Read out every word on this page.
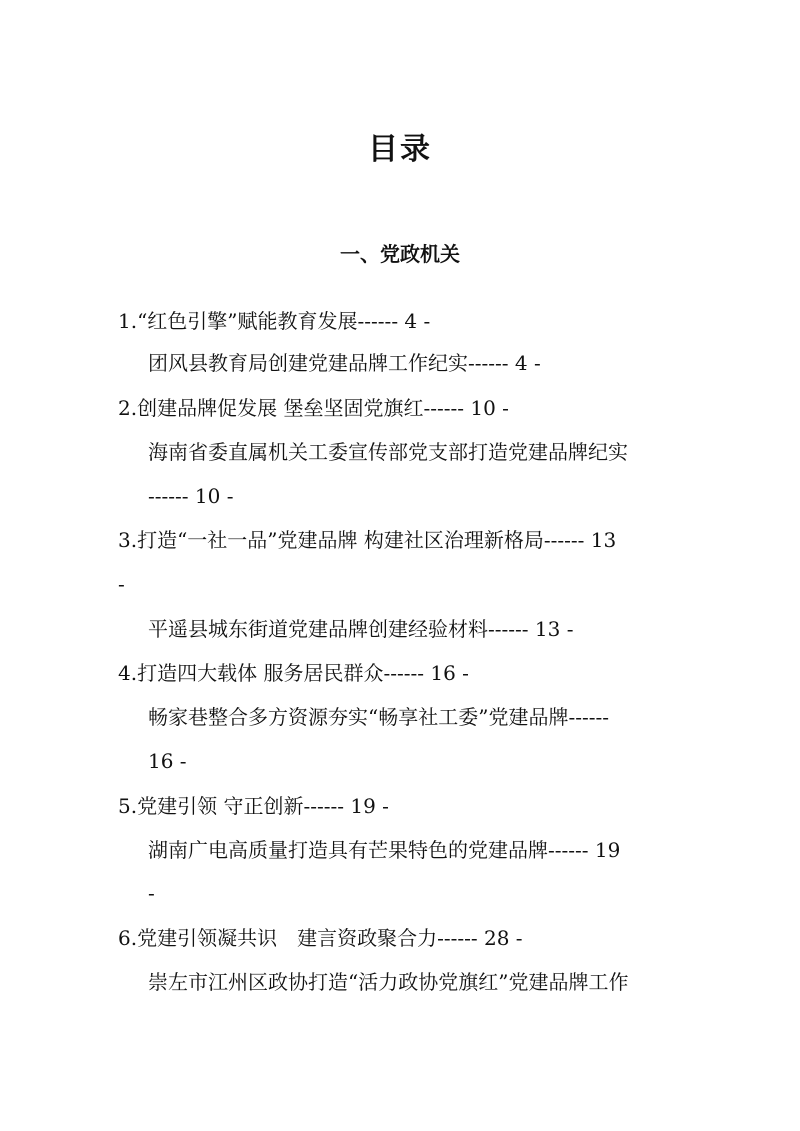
目录
一、党政机关
1.“红色引擎”赋能教育发展------ 4 -
团风县教育局创建党建品牌工作纪实------ 4 -
2.创建品牌促发展 堡垒坚固党旗红------ 10 -
海南省委直属机关工委宣传部党支部打造党建品牌纪实
------ 10 -
3.打造“一社一品”党建品牌 构建社区治理新格局------ 13
-
平遥县城东街道党建品牌创建经验材料------ 13 -
4.打造四大载体 服务居民群众------ 16 -
畅家巷整合多方资源夯实“畅享社工委”党建品牌------
16 -
5.党建引领 守正创新------ 19 -
湖南广电高质量打造具有芒果特色的党建品牌------ 19
-
6.党建引领凝共识　建言资政聚合力------ 28 -
崇左市江州区政协打造“活力政协党旗红”党建品牌工作
